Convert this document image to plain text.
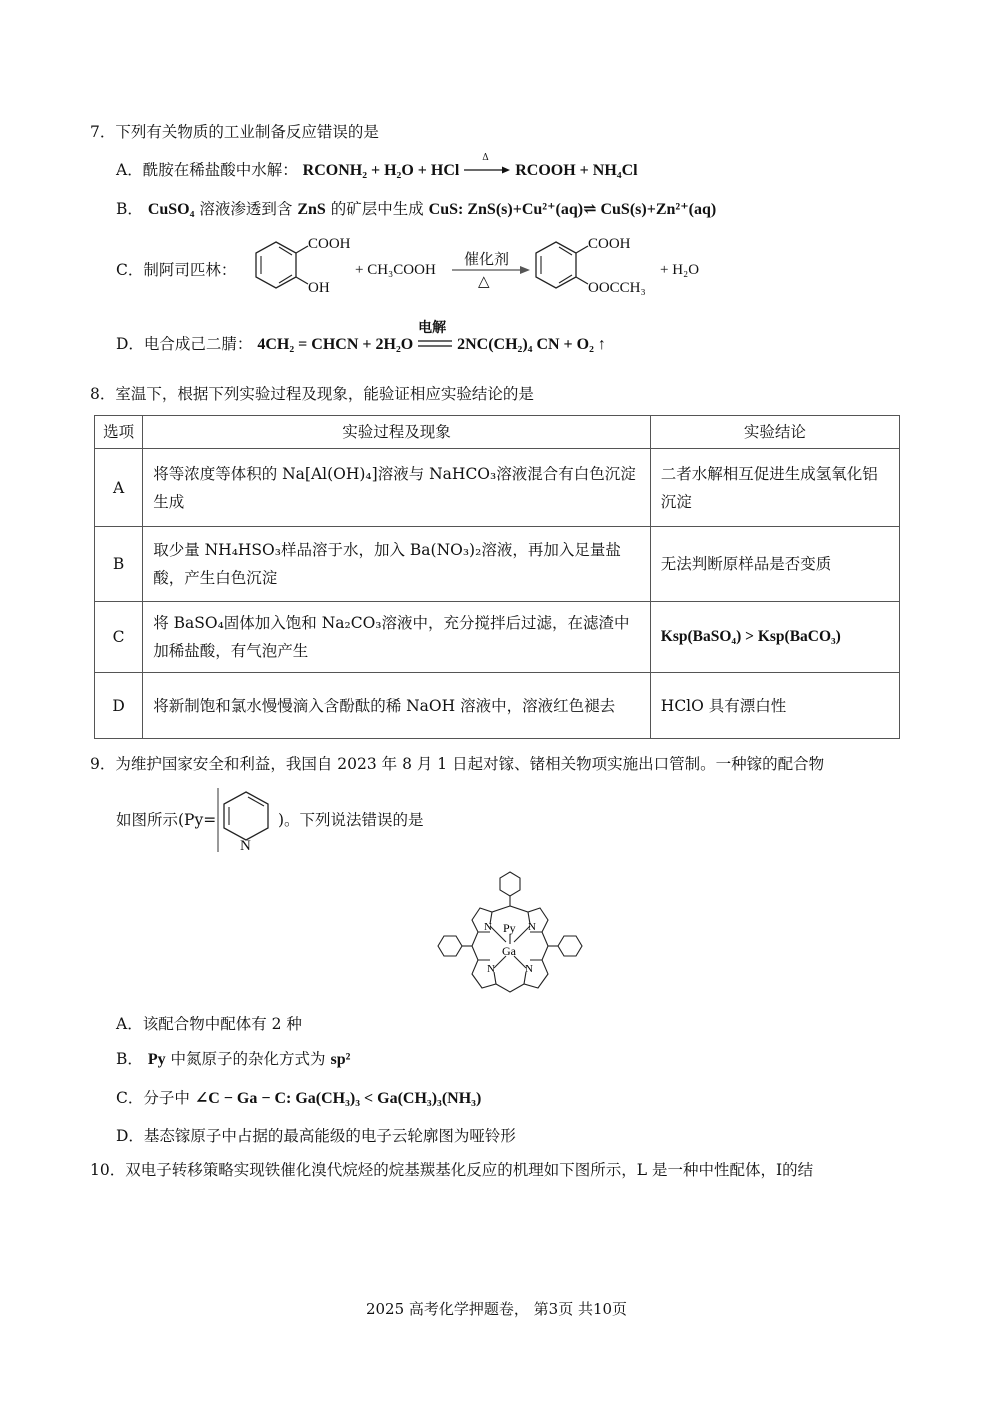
7．下列有关物质的工业制备反应错误的是
A．酰胺在稀盐酸中水解： RCONH₂ + H₂O + HCl
Δ
RCOOH + NH₄Cl
B． CuSO₄ 溶液渗透到含 ZnS 的矿层中生成 CuS: ZnS(s)+Cu²⁺(aq)⇌ CuS(s)+Zn²⁺(aq)
C．制阿司匹林：
COOH
OH
+ CH₃COOH
催化剂
△
COOH
OOCCH₃
+ H₂O
D．电合成己二腈： 4CH₂ = CHCN + 2H₂O
电解
2NC(CH₂)₄ CN + O₂ ↑
8．室温下，根据下列实验过程及现象，能验证相应实验结论的是
选项	实验过程及现象	实验结论
A	将等浓度等体积的 Na[Al(OH)₄]溶液与 NaHCO₃溶液混合有白色沉淀生成	二者水解相互促进生成氢氧化铝沉淀
B	取少量 NH₄HSO₃样品溶于水，加入 Ba(NO₃)₂溶液，再加入足量盐酸，产生白色沉淀	无法判断原样品是否变质
C	将 BaSO₄固体加入饱和 Na₂CO₃溶液中，充分搅拌后过滤，在滤渣中加稀盐酸，有气泡产生	Ksp(BaSO₄) > Ksp(BaCO₃)
D	将新制饱和氯水慢慢滴入含酚酞的稀 NaOH 溶液中，溶液红色褪去	HClO 具有漂白性
9．为维护国家安全和利益，我国自 2023 年 8 月 1 日起对镓、锗相关物项实施出口管制。一种镓的配合物
如图所示(Py=
N
)。下列说法错误的是
Py
Ga
N	N
N	N
A．该配合物中配体有 2 种
B． Py 中氮原子的杂化方式为 sp²
C．分子中 ∠C − Ga − C: Ga(CH₃)₃ < Ga(CH₃)₃(NH₃)
D．基态镓原子中占据的最高能级的电子云轮廓图为哑铃形
10．双电子转移策略实现铁催化溴代烷烃的烷基羰基化反应的机理如下图所示，L 是一种中性配体，Ⅰ的结
2025 高考化学押题卷， 第3页 共10页
